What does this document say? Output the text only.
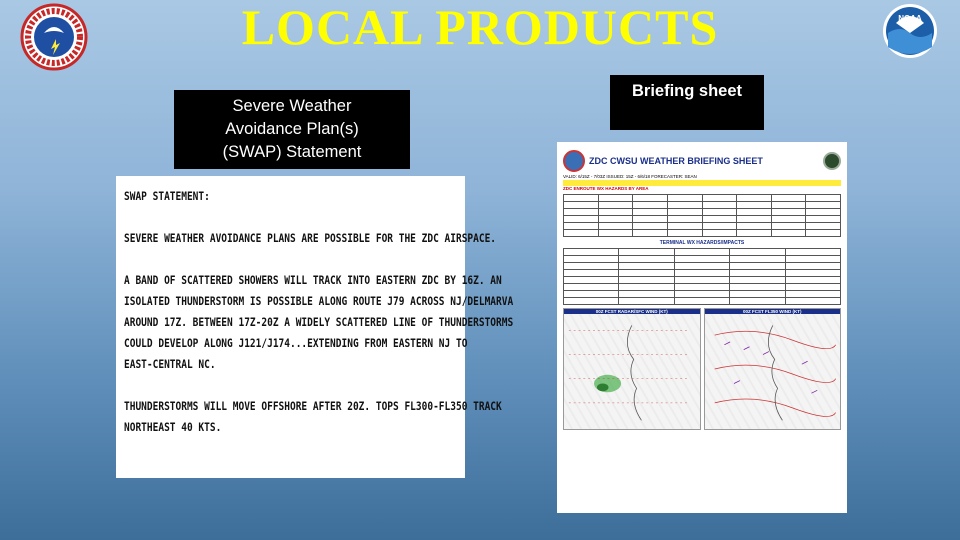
LOCAL PRODUCTS	NOAA
Severe Weather
Avoidance Plan(s)
(SWAP) Statement
Briefing sheet
SWAP STATEMENT:
SEVERE WEATHER AVOIDANCE PLANS ARE POSSIBLE FOR THE ZDC AIRSPACE.
A BAND OF SCATTERED SHOWERS WILL TRACK INTO EASTERN ZDC BY 16Z. AN
ISOLATED THUNDERSTORM IS POSSIBLE ALONG ROUTE J79 ACROSS NJ/DELMARVA
AROUND 17Z. BETWEEN 17Z-20Z A WIDELY SCATTERED LINE OF THUNDERSTORMS
COULD DEVELOP ALONG J121/J174...EXTENDING FROM EASTERN NJ TO
EAST-CENTRAL NC.
THUNDERSTORMS WILL MOVE OFFSHORE AFTER 20Z. TOPS FL300-FL350 TRACK
NORTHEAST 40 KTS.
ZDC CWSU WEATHER BRIEFING SHEET
VALID: 6/15Z - 7/03Z ISSUED: 15Z - 6/6/18 FORECASTER: SEAN

ZDC ENROUTE WX HAZARDS BY AREA

TERMINAL WX HAZARDS/IMPACTS

00Z FCST RADAR/SFC WIND (KT)	00Z FCST FL350 WIND (KT)
